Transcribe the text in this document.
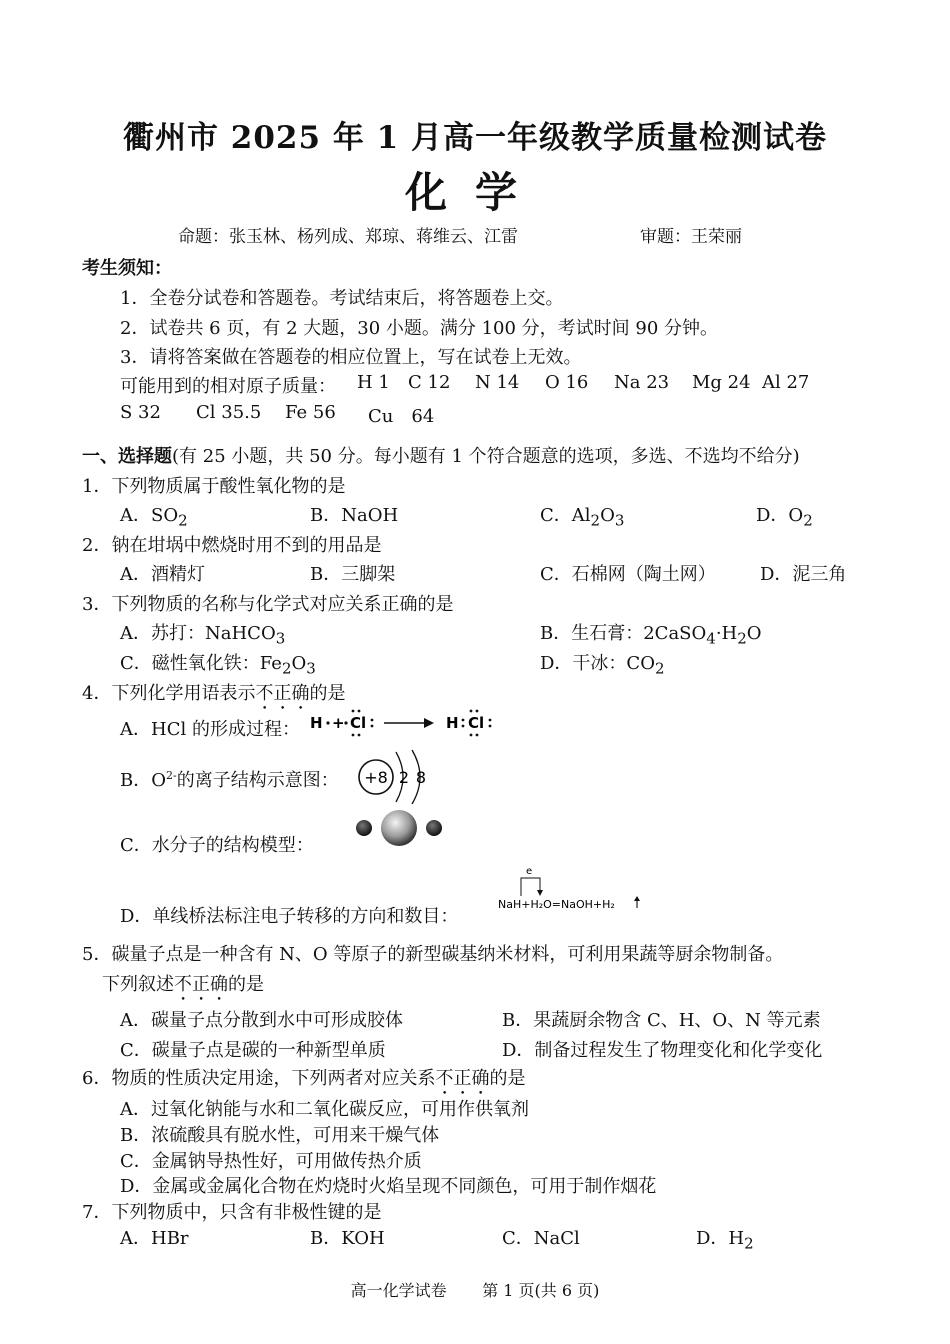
衢州市 2025 年 1 月高一年级教学质量检测试卷
化学
命题：张玉林、杨列成、郑琼、蒋维云、江雷	审题：王荣丽
考生须知：
1．全卷分试卷和答题卷。考试结束后，将答题卷上交。
2．试卷共 6 页，有 2 大题，30 小题。满分 100 分，考试时间 90 分钟。
3．请将答案做在答题卷的相应位置上，写在试卷上无效。
可能用到的相对原子质量： H 1 C 12 N 14 O 16 Na 23 Mg 24 Al 27
S 32 Cl 35.5 Fe 56 Cu　64
一、选择题(有 25 小题，共 50 分。每小题有 1 个符合题意的选项，多选、不选均不给分)
1．下列物质属于酸性氧化物的是
A．$SO_2$	B．NaOH	C．$Al_2O_3$	D．$O_2$
2．钠在坩埚中燃烧时用不到的用品是
A．酒精灯	B．三脚架	C．石棉网（陶土网） D．泥三角
3．下列物质的名称与化学式对应关系正确的是
A．苏打：NaHCO$_3$	B．生石膏：$2CaSO_4\cdot H_2O$
C．磁性氧化铁：$Fe_2O_3$	D．干冰：$CO_2$
4．下列化学用语表示不正确的是
A．HCl 的形成过程： H + Cl	H Cl
B．$O^{2-}$的离子结构示意图： +8 2 8
C．水分子的结构模型：
D．单线桥法标注电子转移的方向和数目：
e
NaH+H₂O=NaOH+H₂
5．碳量子点是一种含有 N、O 等原子的新型碳基纳米材料，可利用果蔬等厨余物制备。
下列叙述不正确的是
A．碳量子点分散到水中可形成胶体	B．果蔬厨余物含 C、H、O、N 等元素
C．碳量子点是碳的一种新型单质	D．制备过程发生了物理变化和化学变化
6．物质的性质决定用途，下列两者对应关系不正确的是
A．过氧化钠能与水和二氧化碳反应，可用作供氧剂
B．浓硫酸具有脱水性，可用来干燥气体
C．金属钠导热性好，可用做传热介质
D．金属或金属化合物在灼烧时火焰呈现不同颜色，可用于制作烟花
7．下列物质中，只含有非极性键的是
A．HBr	B．KOH	C．NaCl	D．$H_2$
高一化学试卷 第 1 页(共 6 页)
